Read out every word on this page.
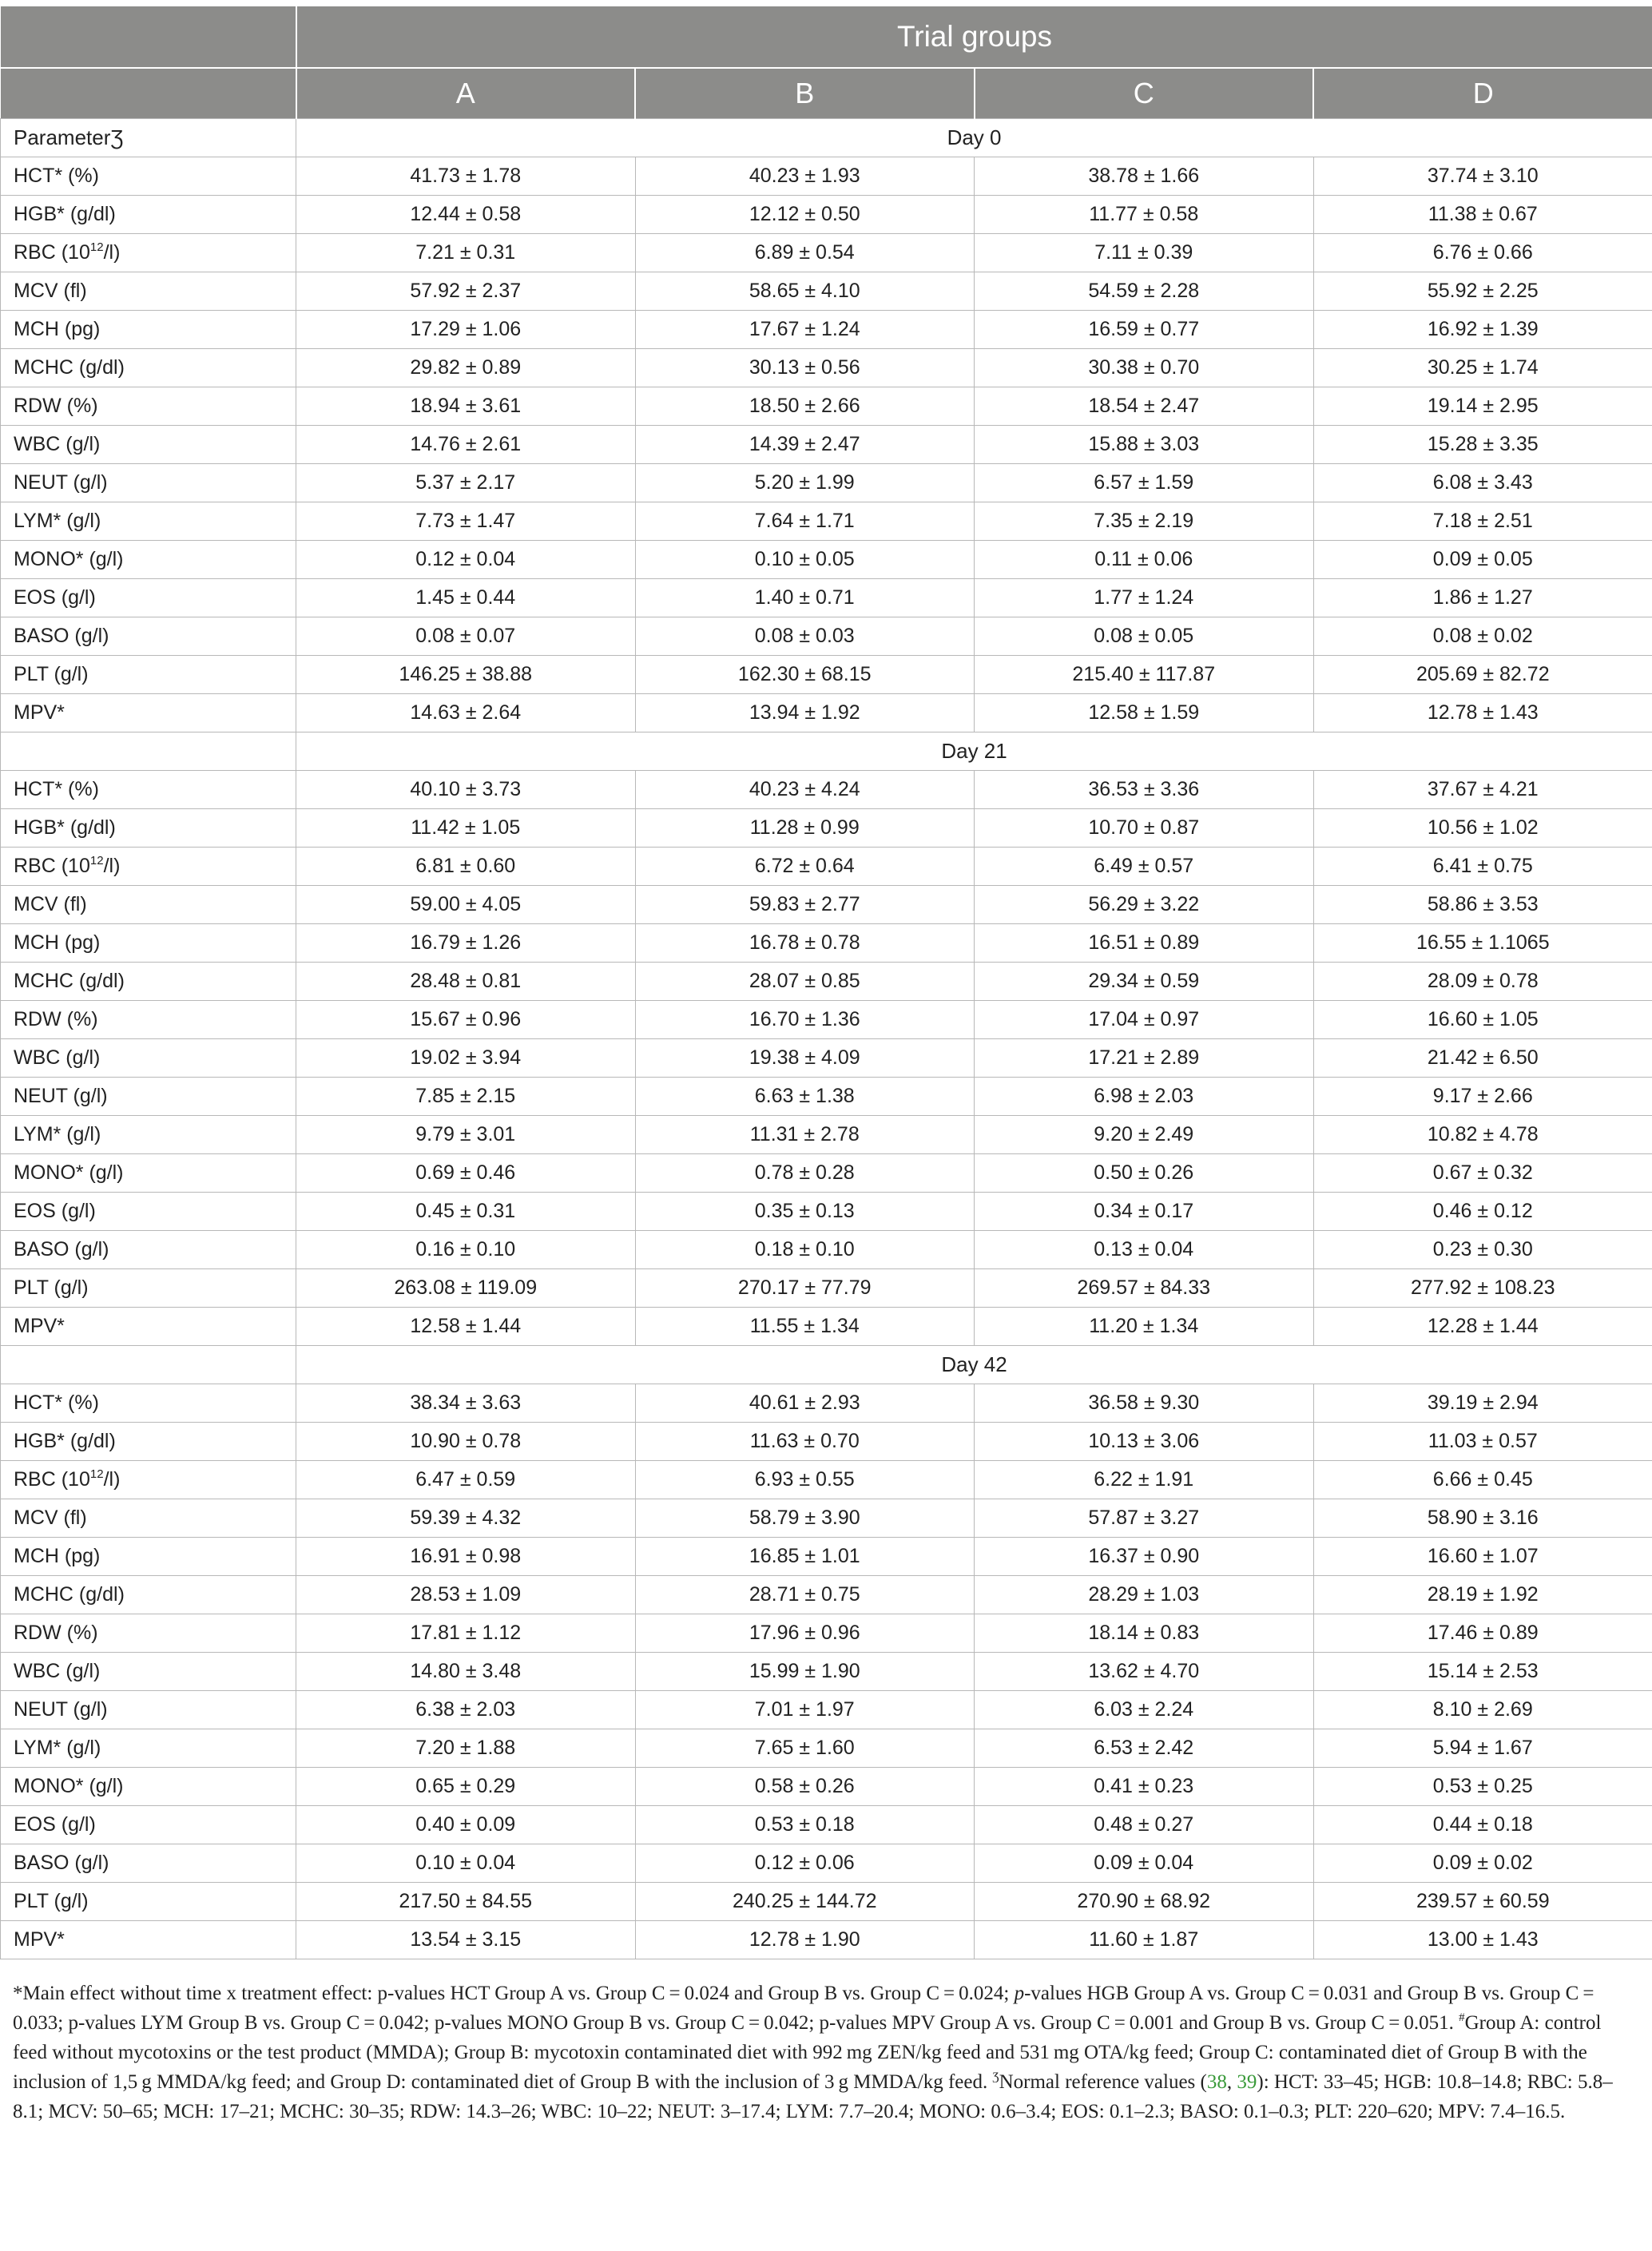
	Trial groups			
	A	B	C	D
ParameterƷ	Day 0			
HCT* (%)	41.73 ± 1.78	40.23 ± 1.93	38.78 ± 1.66	37.74 ± 3.10
HGB* (g/dl)	12.44 ± 0.58	12.12 ± 0.50	11.77 ± 0.58	11.38 ± 0.67
RBC $(10^{12}/l)$	7.21 ± 0.31	6.89 ± 0.54	7.11 ± 0.39	6.76 ± 0.66
MCV (fl)	57.92 ± 2.37	58.65 ± 4.10	54.59 ± 2.28	55.92 ± 2.25
MCH (pg)	17.29 ± 1.06	17.67 ± 1.24	16.59 ± 0.77	16.92 ± 1.39
MCHC (g/dl)	29.82 ± 0.89	30.13 ± 0.56	30.38 ± 0.70	30.25 ± 1.74
RDW (%)	18.94 ± 3.61	18.50 ± 2.66	18.54 ± 2.47	19.14 ± 2.95
WBC (g/l)	14.76 ± 2.61	14.39 ± 2.47	15.88 ± 3.03	15.28 ± 3.35
NEUT (g/l)	5.37 ± 2.17	5.20 ± 1.99	6.57 ± 1.59	6.08 ± 3.43
LYM* (g/l)	7.73 ± 1.47	7.64 ± 1.71	7.35 ± 2.19	7.18 ± 2.51
MONO* (g/l)	0.12 ± 0.04	0.10 ± 0.05	0.11 ± 0.06	0.09 ± 0.05
EOS (g/l)	1.45 ± 0.44	1.40 ± 0.71	1.77 ± 1.24	1.86 ± 1.27
BASO (g/l)	0.08 ± 0.07	0.08 ± 0.03	0.08 ± 0.05	0.08 ± 0.02
PLT (g/l)	146.25 ± 38.88	162.30 ± 68.15	215.40 ± 117.87	205.69 ± 82.72
MPV*	14.63 ± 2.64	13.94 ± 1.92	12.58 ± 1.59	12.78 ± 1.43
	Day 21			
HCT* (%)	40.10 ± 3.73	40.23 ± 4.24	36.53 ± 3.36	37.67 ± 4.21
HGB* (g/dl)	11.42 ± 1.05	11.28 ± 0.99	10.70 ± 0.87	10.56 ± 1.02
RBC $(10^{12}/l)$	6.81 ± 0.60	6.72 ± 0.64	6.49 ± 0.57	6.41 ± 0.75
MCV (fl)	59.00 ± 4.05	59.83 ± 2.77	56.29 ± 3.22	58.86 ± 3.53
MCH (pg)	16.79 ± 1.26	16.78 ± 0.78	16.51 ± 0.89	16.55 ± 1.1065
MCHC (g/dl)	28.48 ± 0.81	28.07 ± 0.85	29.34 ± 0.59	28.09 ± 0.78
RDW (%)	15.67 ± 0.96	16.70 ± 1.36	17.04 ± 0.97	16.60 ± 1.05
WBC (g/l)	19.02 ± 3.94	19.38 ± 4.09	17.21 ± 2.89	21.42 ± 6.50
NEUT (g/l)	7.85 ± 2.15	6.63 ± 1.38	6.98 ± 2.03	9.17 ± 2.66
LYM* (g/l)	9.79 ± 3.01	11.31 ± 2.78	9.20 ± 2.49	10.82 ± 4.78
MONO* (g/l)	0.69 ± 0.46	0.78 ± 0.28	0.50 ± 0.26	0.67 ± 0.32
EOS (g/l)	0.45 ± 0.31	0.35 ± 0.13	0.34 ± 0.17	0.46 ± 0.12
BASO (g/l)	0.16 ± 0.10	0.18 ± 0.10	0.13 ± 0.04	0.23 ± 0.30
PLT (g/l)	263.08 ± 119.09	270.17 ± 77.79	269.57 ± 84.33	277.92 ± 108.23
MPV*	12.58 ± 1.44	11.55 ± 1.34	11.20 ± 1.34	12.28 ± 1.44
	Day 42			
HCT* (%)	38.34 ± 3.63	40.61 ± 2.93	36.58 ± 9.30	39.19 ± 2.94
HGB* (g/dl)	10.90 ± 0.78	11.63 ± 0.70	10.13 ± 3.06	11.03 ± 0.57
RBC $(10^{12}/l)$	6.47 ± 0.59	6.93 ± 0.55	6.22 ± 1.91	6.66 ± 0.45
MCV (fl)	59.39 ± 4.32	58.79 ± 3.90	57.87 ± 3.27	58.90 ± 3.16
MCH (pg)	16.91 ± 0.98	16.85 ± 1.01	16.37 ± 0.90	16.60 ± 1.07
MCHC (g/dl)	28.53 ± 1.09	28.71 ± 0.75	28.29 ± 1.03	28.19 ± 1.92
RDW (%)	17.81 ± 1.12	17.96 ± 0.96	18.14 ± 0.83	17.46 ± 0.89
WBC (g/l)	14.80 ± 3.48	15.99 ± 1.90	13.62 ± 4.70	15.14 ± 2.53
NEUT (g/l)	6.38 ± 2.03	7.01 ± 1.97	6.03 ± 2.24	8.10 ± 2.69
LYM* (g/l)	7.20 ± 1.88	7.65 ± 1.60	6.53 ± 2.42	5.94 ± 1.67
MONO* (g/l)	0.65 ± 0.29	0.58 ± 0.26	0.41 ± 0.23	0.53 ± 0.25
EOS (g/l)	0.40 ± 0.09	0.53 ± 0.18	0.48 ± 0.27	0.44 ± 0.18
BASO (g/l)	0.10 ± 0.04	0.12 ± 0.06	0.09 ± 0.04	0.09 ± 0.02
PLT (g/l)	217.50 ± 84.55	240.25 ± 144.72	270.90 ± 68.92	239.57 ± 60.59
MPV*	13.54 ± 3.15	12.78 ± 1.90	11.60 ± 1.87	13.00 ± 1.43
*Main effect without time x treatment effect: p-values HCT Group A vs. Group C = 0.024 and Group B vs. Group C = 0.024; p-values HGB Group A vs. Group C = 0.031 and Group B vs. Group C = 0.033; p-values LYM Group B vs. Group C = 0.042; p-values MONO Group B vs. Group C = 0.042; p-values MPV Group A vs. Group C = 0.001 and Group B vs. Group C = 0.051. #Group A: control feed without mycotoxins or the test product (MMDA); Group B: mycotoxin contaminated diet with 992 mg ZEN/kg feed and 531 mg OTA/kg feed; Group C: contaminated diet of Group B with the inclusion of 1,5 g MMDA/kg feed; and Group D: contaminated diet of Group B with the inclusion of 3 g MMDA/kg feed. $^Ʒ$Normal reference values (38, 39): HCT: 33–45; HGB: 10.8–14.8; RBC: 5.8–8.1; MCV: 50–65; MCH: 17–21; MCHC: 30–35; RDW: 14.3–26; WBC: 10–22; NEUT: 3–17.4; LYM: 7.7–20.4; MONO: 0.6–3.4; EOS: 0.1–2.3; BASO: 0.1–0.3; PLT: 220–620; MPV: 7.4–16.5.
